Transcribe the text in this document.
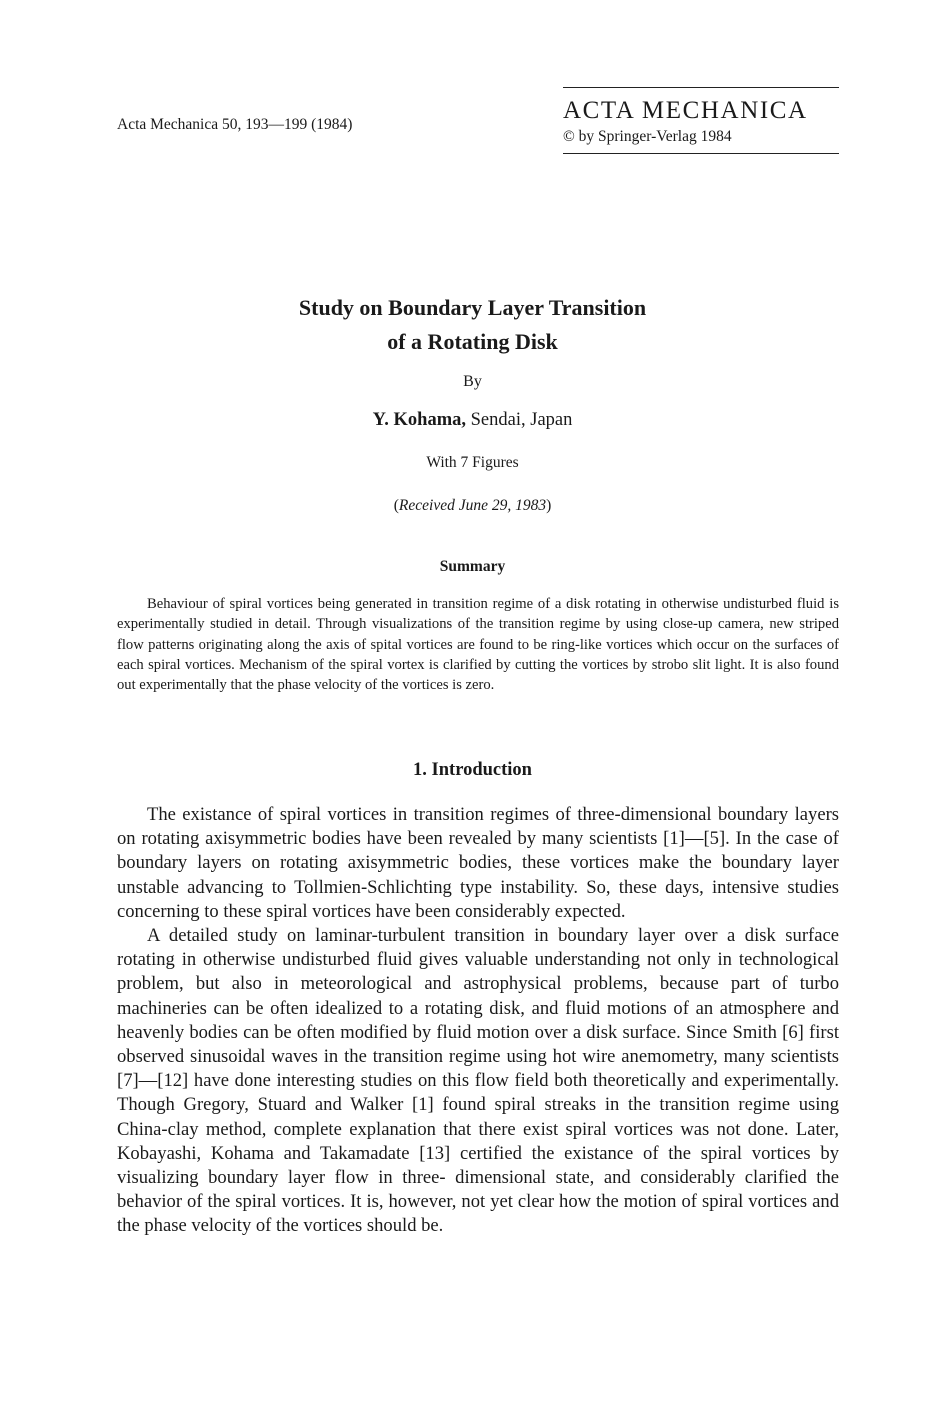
Acta Mechanica 50, 193—199 (1984)
ACTA MECHANICA
© by Springer-Verlag 1984
Study on Boundary Layer Transition
of a Rotating Disk
By
Y. Kohama, Sendai, Japan
With 7 Figures
(Received June 29, 1983)
Summary

Behaviour of spiral vortices being generated in transition regime of a disk rotating in otherwise undisturbed fluid is experimentally studied in detail. Through visualizations of the transition regime by using close-up camera, new striped flow patterns originating along the axis of spital vortices are found to be ring-like vortices which occur on the surfaces of each spiral vortices. Mechanism of the spiral vortex is clarified by cutting the vortices by strobo slit light. It is also found out experimentally that the phase velocity of the vortices is zero.

1. Introduction

The existance of spiral vortices in transition regimes of three-dimensional boundary layers on rotating axisymmetric bodies have been revealed by many scientists [1]—[5]. In the case of boundary layers on rotating axisymmetric bodies, these vortices make the boundary layer unstable advancing to Tollmien-Schlichting type instability. So, these days, intensive studies concerning to these spiral vortices have been considerably expected.

A detailed study on laminar-turbulent transition in boundary layer over a disk surface rotating in otherwise undisturbed fluid gives valuable understanding not only in technological problem, but also in meteorological and astrophysical problems, because part of turbo machineries can be often idealized to a rotating disk, and fluid motions of an atmosphere and heavenly bodies can be often modified by fluid motion over a disk surface. Since Smith [6] first observed sinusoidal waves in the transition regime using hot wire anemometry, many scientists [7]—[12] have done interesting studies on this flow field both theoretically and experimentally. Though Gregory, Stuard and Walker [1] found spiral streaks in the transition regime using China-clay method, complete explanation that there exist spiral vortices was not done. Later, Kobayashi, Kohama and Takamadate [13] certified the existance of the spiral vortices by visualizing boundary layer flow in three- dimensional state, and considerably clarified the behavior of the spiral vortices. It is, however, not yet clear how the motion of spiral vortices and the phase velocity of the vortices should be.
